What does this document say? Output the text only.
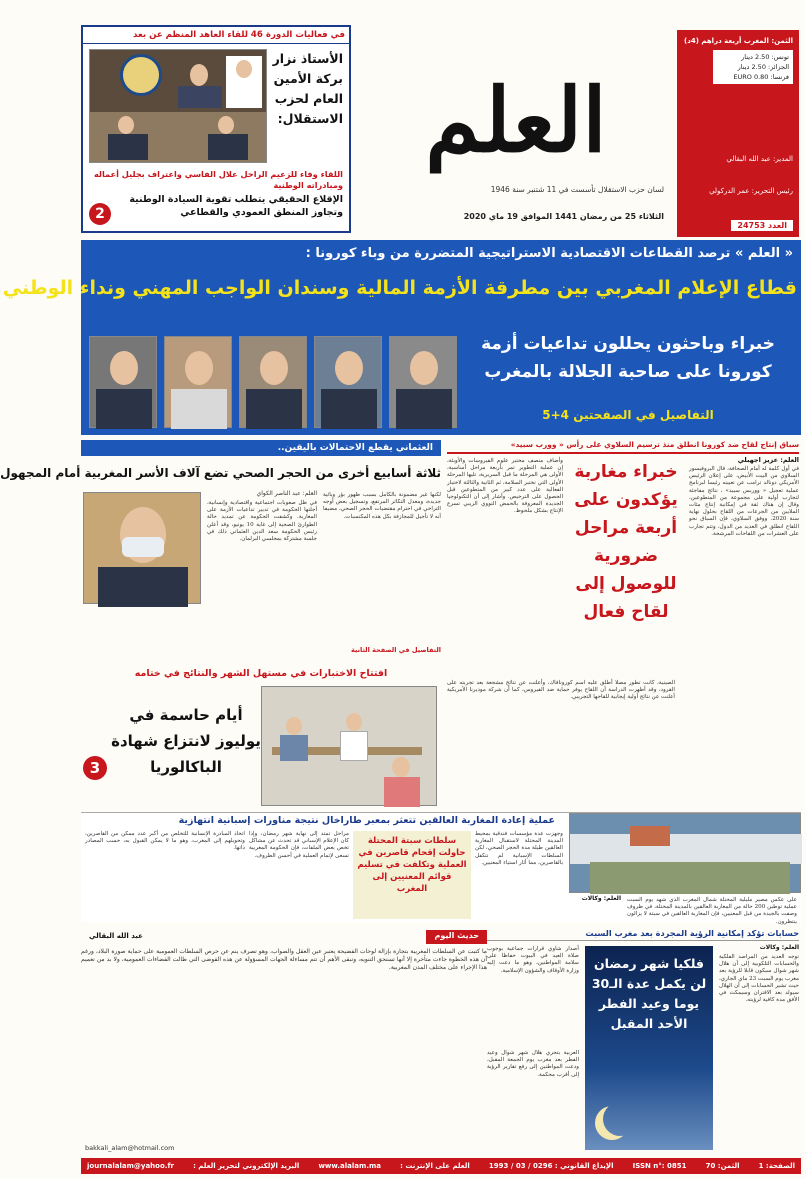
الثمن: المغرب أربعة دراهم (4د)
تونس: 2.50 دينار
الجزائر: 2.50 دينار
فرنسا: 0.80 EURO
المدير: عبد الله البقالي
رئيس التحرير: عمر الدركولي
العدد 24753
العلم
لسان حزب الاستقلال تأسست في 11 شتنبر سنة 1946
الثلاثاء 25 من رمضان 1441 الموافق 19 ماي 2020
في فعاليات الدورة 46 للقاء العاهد المنظم عن بعد
الأستاذ نزار بركة الأمين العام لحزب الاستقلال:
اللقاء وفاء للزعيم الراحل علال الفاسي واعتراف بجليل أعماله ومبادراته الوطنية
الإقلاع الحقيقي يتطلب تقوية السيادة الوطنية وتجاوز المنطق العمودي والقطاعي
2
« العلم » ترصد القطاعات الاقتصادية الاستراتيجية المتضررة من وباء كورونا :
قطاع الإعلام المغربي بين مطرقة الأزمة المالية وسندان الواجب المهني ونداء الوطني
خبراء وباحثون يحللون تداعيات أزمة
كورونا على صاحبة الجلالة بالمغرب
التفاصيل في الصفحتين 4+5
سباق إنتاج لقاح ضد كورونا انطلق منذ ترسيم السلاوي على رأس « وورب سبيد»
العلم: عزيز اجهبلي
في أول كلمة له أمام الصحافة، قال البروفيسور السلاوي من البيت الأبيض، على إعلان الرئيس الأمريكي دونالد ترامب عن تعيينه رئيسا لبرنامج عملية تعجيل « ووربس سبيد» ، نتائج مفاجئة لتجارب أولية على مجموعة من المتطوعين، وقال إن هناك ثقة في إمكانية إنتاج مئات الملايين من الجرعات من اللقاح بحلول نهاية سنة 2020. ووفق السلاوي، فإن السباق نحو اللقاح انطلق في العديد من الدول، وتتم تجارب على العشرات من اللقاحات المرشحة.
خبراء مغاربة يؤكدون على أربعة مراحل ضرورية للوصول إلى لقاح فعال
وأضاف منصف مختبر علوم الفيروسات والأوبئة، إن عملية التطوير تمر بأربعة مراحل أساسية، الأولى هي المرحلة ما قبل السريرية، تليها المرحلة الأولى التي تختبر السلامة، ثم الثانية والثالثة لاختبار الفعالية على عدد كبير من المتطوعين قبل الحصول على الترخيص. وأشار إلى أن التكنولوجيا الجديدة المعروفة بالحمض النووي الريبي تسرع الإنتاج بشكل ملحوظ.
الصينية، كانت تطور مصلا أطلق عليه اسم كورونافاك، وأعلنت عن نتائج مشجعة بعد تجربته على القرود، وقد أظهرت الدراسة أن اللقاح يوفر حماية ضد الفيروس، كما أن شركة موديرنا الأمريكية أعلنت عن نتائج أولية إيجابية للقاحها التجريبي.
العثماني يقطع الاحتمالات باليقين..
ثلاثة أسابيع أخرى من الحجر الصحي تضع آلاف الأسر المغربية أمام المجهول
العلم: عبد الناصر الكواي
في ظل صعوبات اجتماعية واقتصادية وإنسانية، أجلتها الحكومة في تدبير تداعيات الأزمة على المغاربة. وكشفت الحكومة عن تمديد حالة الطوارئ الصحية إلى غاية 10 يونيو، وقد أعلن رئيس الحكومة سعد الدين العثماني ذلك في جلسة مشتركة بمجلسي البرلمان.
لكنها غير مضمونة بالكامل بسبب ظهور بؤر وبائية جديدة، ومعدل التكاثر المرتفع، وتسجيل بعض أوجه التراخي في احترام مقتضيات الحجر الصحي، مضيفا أنه لا تأجيل للمجازفة بكل هذه المكتسبات.
التفاصيل في الصفحة الثانية
افتتاح الاختبارات في مستهل الشهر والنتائج في ختامه
أيام حاسمة في يوليوز لانتزاع شهادة الباكالوريا
3
عملية إعادة المغاربة العالقين تتعثر بمعبر طاراخال نتيجة مناورات إسبانية انتهازية
العلم: وكالات على عكس مصير مليلية المحتلة شمال المغرب الذي شهد يوم السبت عملية توطين 200 حالة من المغاربة العالقين بالمدينة المحتلة، في ظروف وصفت بالجيدة من قبل المعنيين، فإن المغاربة العالقين في سبتة لا يزالون ينتظرون.
وجهزت عدة مؤسسات فندقية بمحيط المدينة المحتلة لاستقبال المغاربة العالقين طيلة مدة الحجر الصحي، لكن السلطات الإسبانية لم تتكفل بالقاصرين، مما أثار استياء المعنيين.
سلطات سبتة المحتلة حاولت إقحام قاصرين في العملية وتكلفت في تسليم قوائم المعنيين إلى المغرب
مراحل تمتد إلى نهاية شهر رمضان، وإذا كان الإعلام الإسباني قد تحدث عن مشاكل تخص بعض الملفات، فإن الحكومة المغربية تسعى لإتمام العملية في أحسن الظروف.
اتخاذ المبادرة الإنسانية للتخلص من أكبر عدد ممكن من القاصرين، وتحويلهم إلى المغرب، وهو ما لا يمكن القبول به، حسب المصادر ذاتها.
حسابات تؤكد إمكانية الرؤية المجردة بعد مغرب السبت
العلم: وكالات
توجه العديد من المراصد الفلكية والحسابات التلكوبية إلى أن هلال شهر شوال سيكون قابلا للرؤية بعد مغرب يوم السبت 23 ماي الجاري، حيث تشير الحسابات إلى أن الهلال سيولد بعد الاقتران وسيمكث في الأفق مدة كافية لرؤيته.
فلكيا شهر رمضان لن يكمل عدة الـ30 يوما وعيد الفطر الأحد المقبل
أصدار شاوي قرارات جماعية بوجوب صلاة العيد في البيوت حفاظا على سلامة المواطنين، وهو ما دعت إليه وزارة الأوقاف والشؤون الإسلامية.
العربية بتحري هلال شهر شوال وعيد الفطر بعد مغرب يوم الجمعة المقبل، ودعت المواطنين إلى رفع تقارير الرؤية إلى أقرب محكمة.
حديث اليوم
عبد الله البقالي
ما كتبت عن السلطات المغربية بتجارة بإزالة لوحات الفضيحة يعتبر عين العقل والصواب، وهو تصرف ينم عن حرص السلطات العمومية على حماية صورة البلاد، ورغم أن هذه الخطوة جاءت متأخرة إلا أنها تستحق التنويه، وتبقى الأهم أن تتم مساءلة الجهات المسؤولة عن هذه الفوضى التي طالت الفضاءات العمومية، ولا بد من تعميم هذا الإجراء على مختلف المدن المغربية.
bakkali_alam@hotmail.com
الصفحة: 1
الثمن: 70
ISSN n°: 0851
الإيداع القانوني : 0296 / 03 / 1993
العلم على الإنترنت :
www.alalam.ma
البريد الإلكتروني لتحرير العلم :
journalalam@yahoo.fr
